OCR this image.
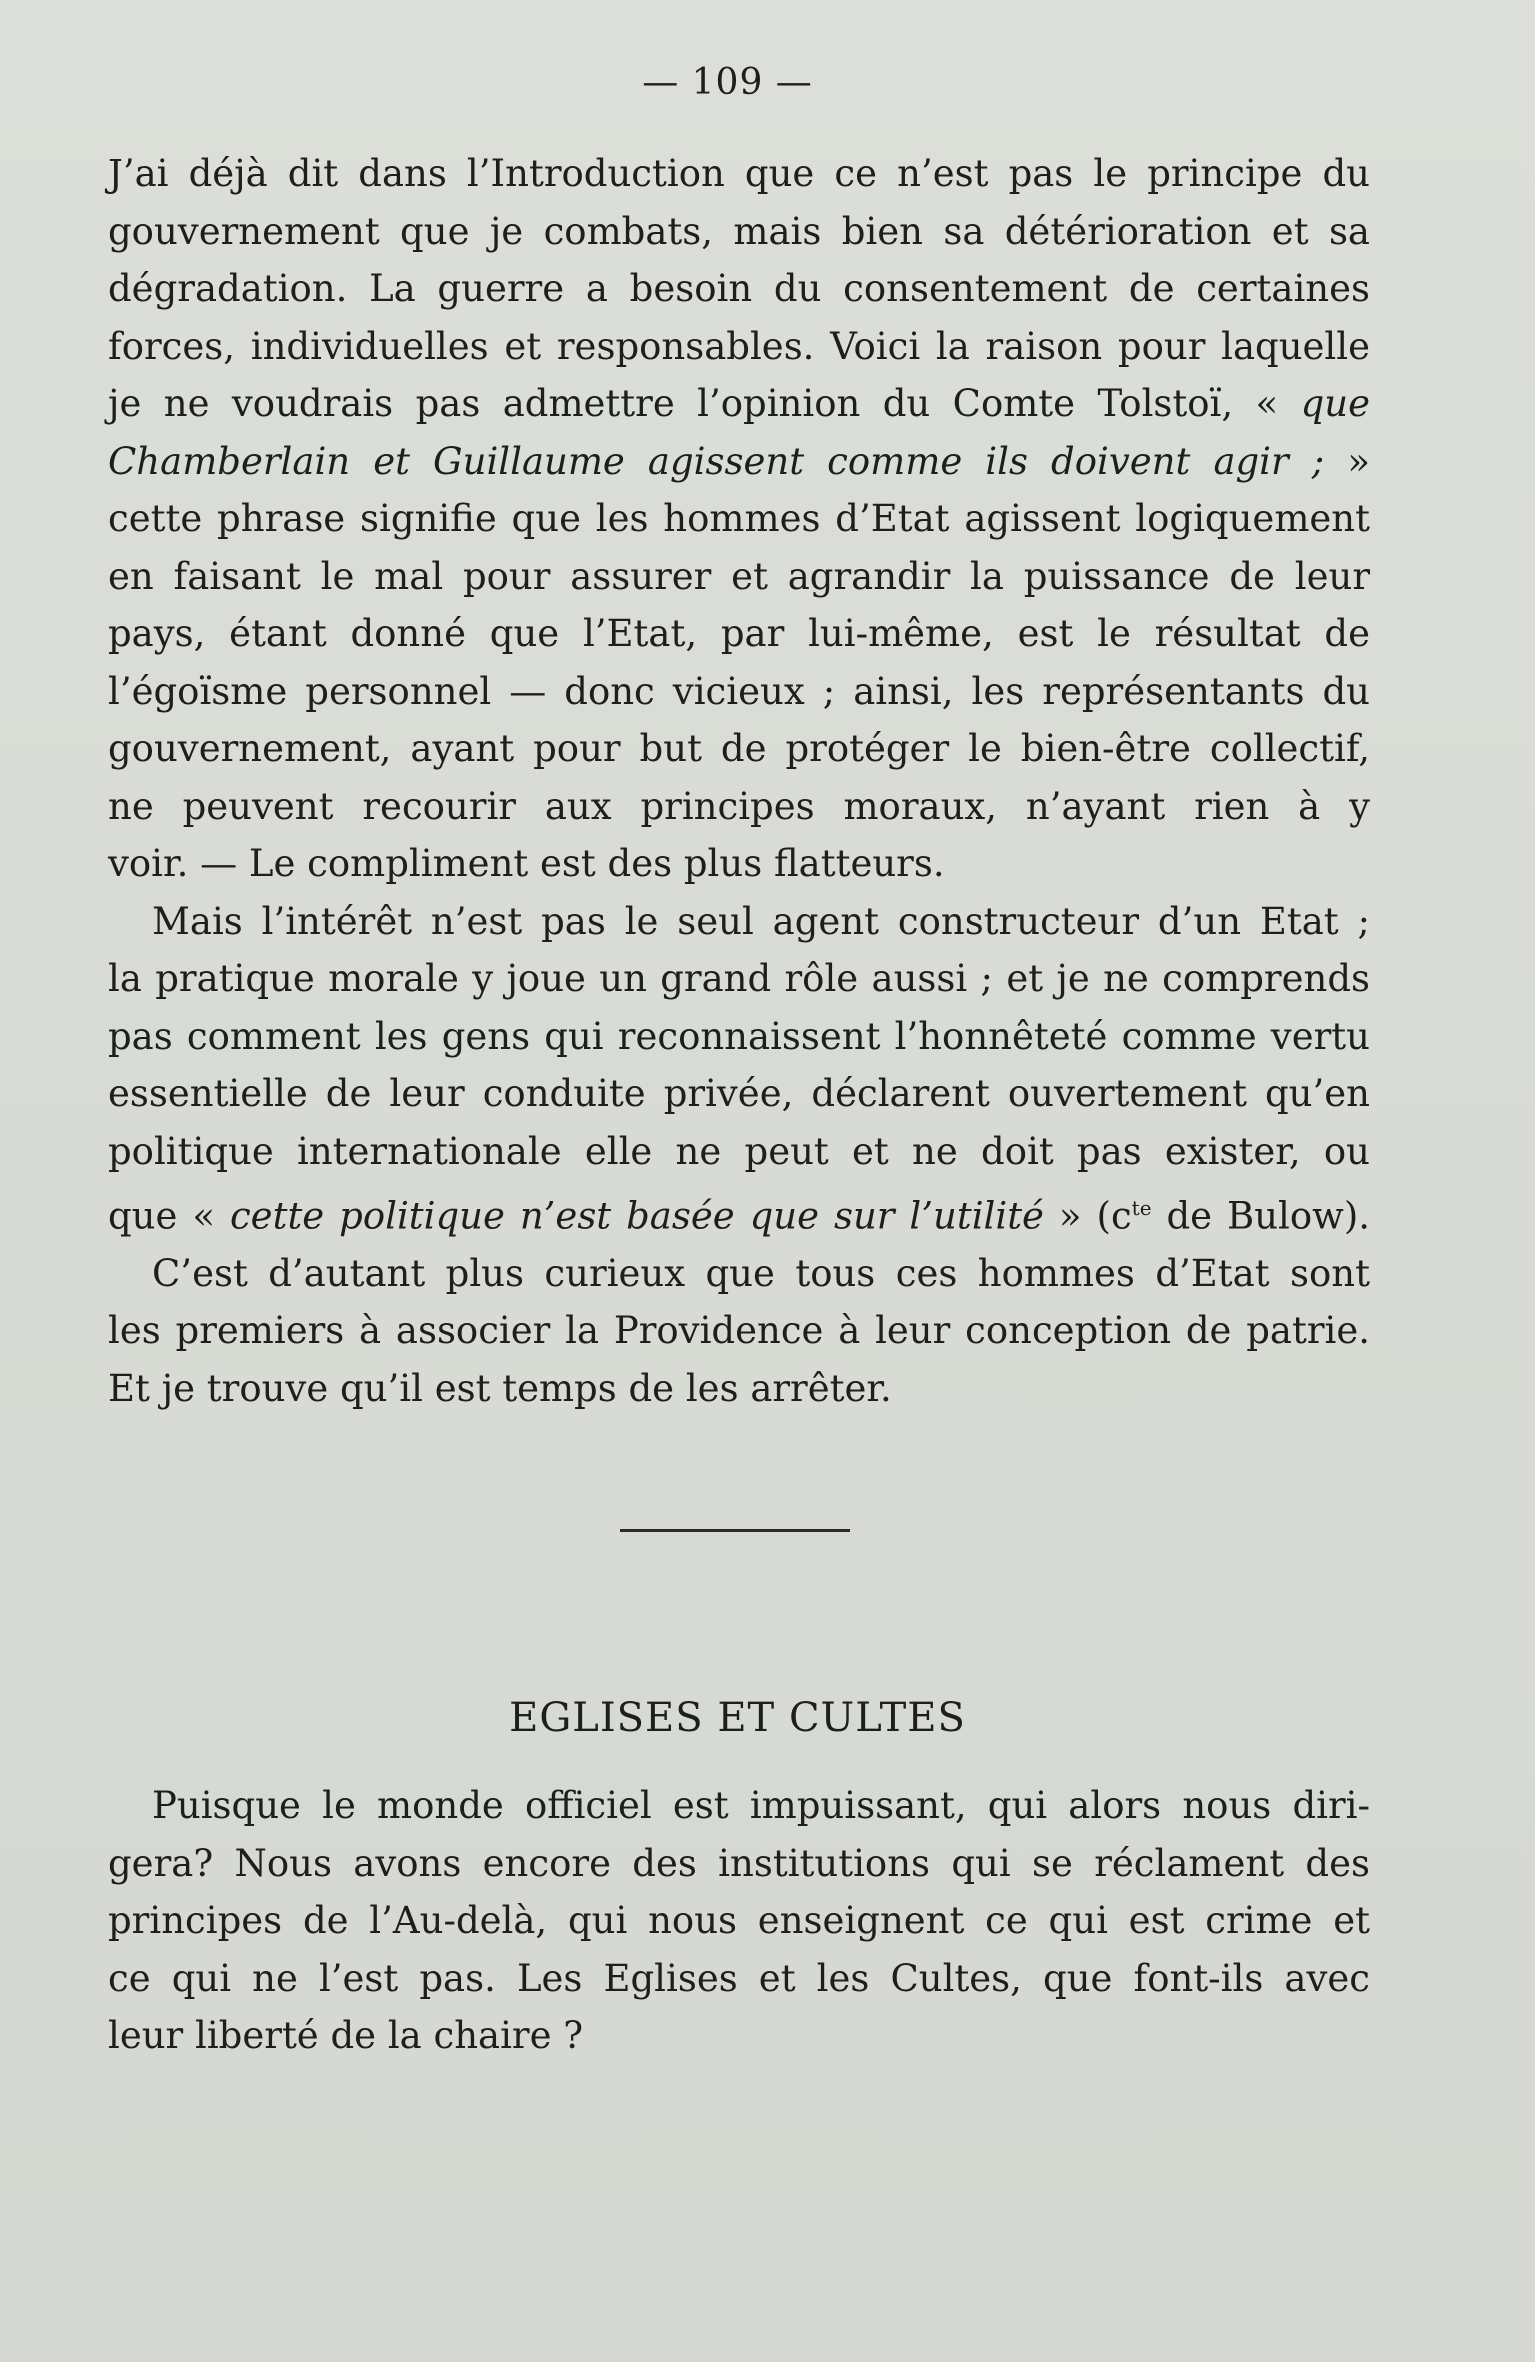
— 109 —
J’ai déjà dit dans l’Introduction que ce n’est pas le principe du
gouvernement que je combats, mais bien sa détérioration et sa
dégradation. La guerre a besoin du consentement de certaines
forces, individuelles et responsables. Voici la raison pour laquelle
je ne voudrais pas admettre l’opinion du Comte Tolstoï, « que
Chamberlain et Guillaume agissent comme ils doivent agir ; »
cette phrase signifie que les hommes d’Etat agissent logiquement
en faisant le mal pour assurer et agrandir la puissance de leur
pays, étant donné que l’Etat, par lui-même, est le résultat de
l’égoïsme personnel — donc vicieux ; ainsi, les représentants du
gouvernement, ayant pour but de protéger le bien-être collectif,
ne peuvent recourir aux principes moraux, n’ayant rien à y
voir. — Le compliment est des plus flatteurs.
Mais l’intérêt n’est pas le seul agent constructeur d’un Etat ;
la pratique morale y joue un grand rôle aussi ; et je ne comprends
pas comment les gens qui reconnaissent l’honnêteté comme vertu
essentielle de leur conduite privée, déclarent ouvertement qu’en
politique internationale elle ne peut et ne doit pas exister, ou
que « cette politique n’est basée que sur l’utilité » ($c^{te}$ de Bulow).
C’est d’autant plus curieux que tous ces hommes d’Etat sont
les premiers à associer la Providence à leur conception de patrie.
Et je trouve qu’il est temps de les arrêter.
EGLISES ET CULTES
Puisque le monde officiel est impuissant, qui alors nous diri-
gera? Nous avons encore des institutions qui se réclament des
principes de l’Au-delà, qui nous enseignent ce qui est crime et
ce qui ne l’est pas. Les Eglises et les Cultes, que font-ils avec
leur liberté de la chaire ?
